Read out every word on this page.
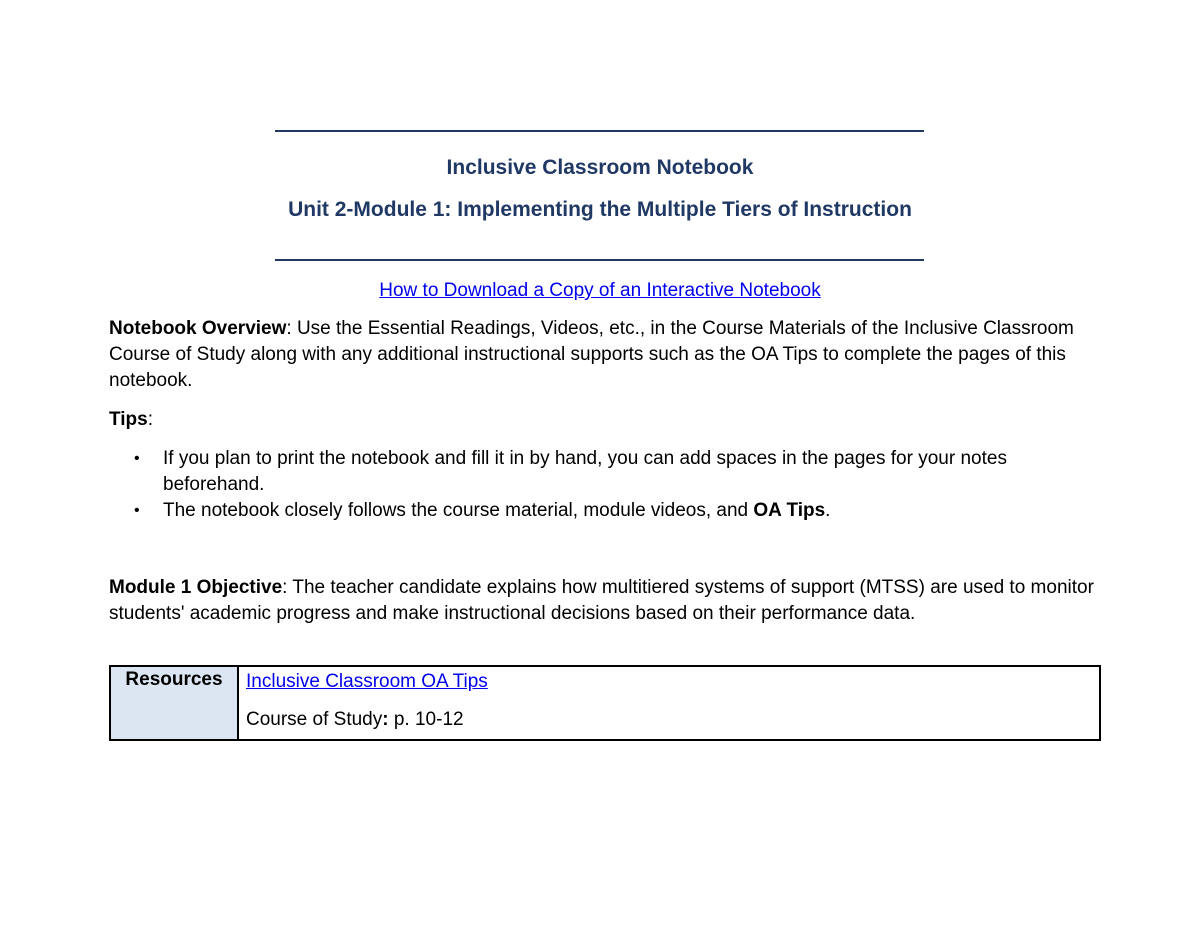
Inclusive Classroom Notebook
Unit 2-Module 1: Implementing the Multiple Tiers of Instruction
How to Download a Copy of an Interactive Notebook
Notebook Overview: Use the Essential Readings, Videos, etc., in the Course Materials of the Inclusive Classroom Course of Study along with any additional instructional supports such as the OA Tips to complete the pages of this notebook.
Tips:
• If you plan to print the notebook and fill it in by hand, you can add spaces in the pages for your notes beforehand.
• The notebook closely follows the course material, module videos, and OA Tips.
Module 1 Objective: The teacher candidate explains how multitiered systems of support (MTSS) are used to monitor students' academic progress and make instructional decisions based on their performance data.
Resources	Inclusive Classroom OA Tips
Course of Study: p. 10-12
